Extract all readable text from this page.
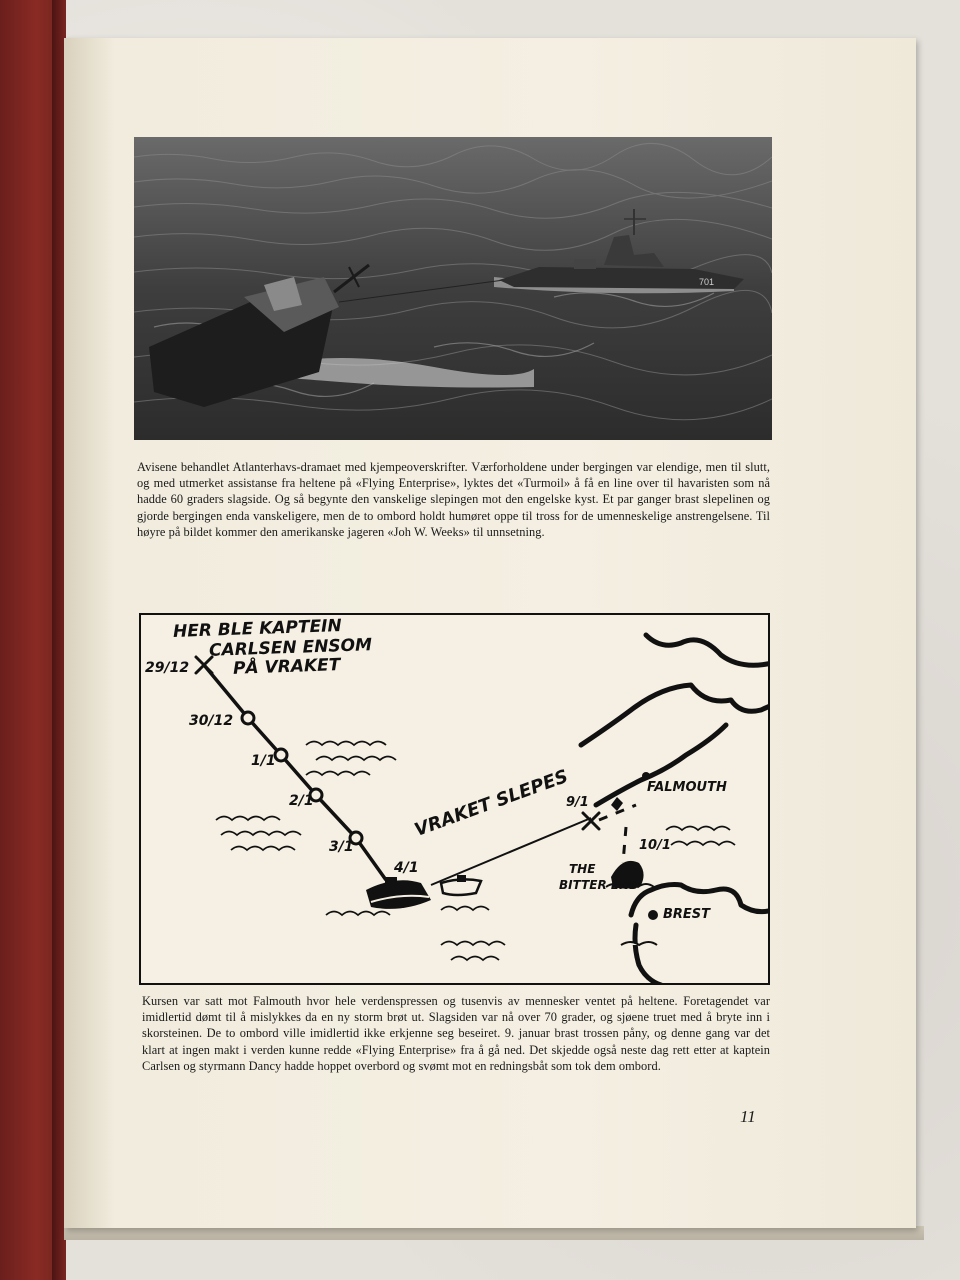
701

Avisene behandlet Atlanterhavs-dramaet med kjempeoverskrifter. Værforholdene under bergingen var elendige, men til slutt, og med utmerket assistanse fra heltene på «Flying Enterprise», lyktes det «Turmoil» å få en line over til havaristen som nå hadde 60 graders slagside. Og så begynte den vanskelige slepingen mot den engelske kyst. Et par ganger brast slepelinen og gjorde bergingen enda vanskeligere, men de to ombord holdt humøret oppe til tross for de umenneskelige anstrengelsene. Til høyre på bildet kommer den amerikanske jageren «Joh W. Weeks» til unnsetning.

HER BLE KAPTEIN

CARLSEN ENSOM

PÅ VRAKET

29/12

30/12

1/1

2/1

3/1

4/1

9/1

10/1

VRAKET SLEPES	FALMOUTH

BREST

THE

BITTER END

Kursen var satt mot Falmouth hvor hele verdenspressen og tusenvis av mennesker ventet på heltene. Foretagendet var imidlertid dømt til å mislykkes da en ny storm brøt ut. Slagsiden var nå over 70 grader, og sjøene truet med å bryte inn i skorsteinen. De to ombord ville imidlertid ikke erkjenne seg beseiret. 9. januar brast trossen påny, og denne gang var det klart at ingen makt i verden kunne redde «Flying Enterprise» fra å gå ned. Det skjedde også neste dag rett etter at kaptein Carlsen og styrmann Dancy hadde hoppet overbord og svømt mot en redningsbåt som tok dem ombord.

11
